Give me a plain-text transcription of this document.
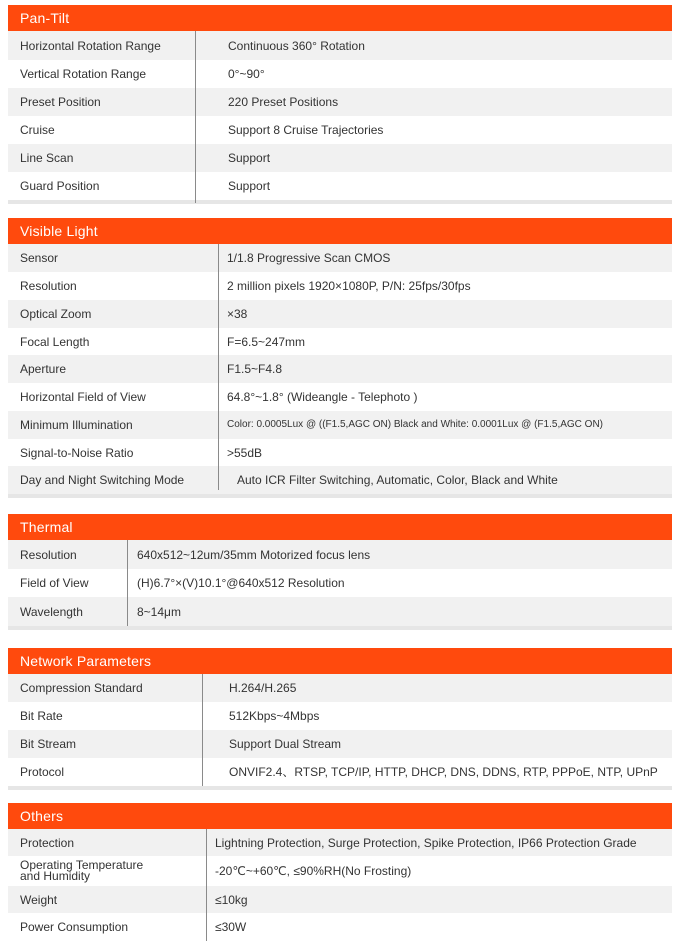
Pan-Tilt
Horizontal Rotation Range	Continuous 360° Rotation
Vertical Rotation Range	0°~90°
Preset Position	220 Preset Positions
Cruise	Support 8 Cruise Trajectories
Line Scan	Support
Guard Position	Support
Visible Light
Sensor	1/1.8 Progressive Scan CMOS
Resolution	2 million pixels 1920×1080P, P/N: 25fps/30fps
Optical Zoom	×38
Focal Length	F=6.5~247mm
Aperture	F1.5~F4.8
Horizontal Field of View	64.8°~1.8° (Wideangle - Telephoto )
Minimum Illumination	Color: 0.0005Lux @ ((F1.5,AGC ON) Black and White: 0.0001Lux @ (F1.5,AGC ON)
Signal-to-Noise Ratio	>55dB
Day and Night Switching Mode	Auto ICR Filter Switching, Automatic, Color, Black and White
Thermal
Resolution	640x512~12um/35mm Motorized focus lens
Field of View	(H)6.7°×(V)10.1°@640x512 Resolution
Wavelength	8~14μm
Network Parameters
Compression Standard	H.264/H.265
Bit Rate	512Kbps~4Mbps
Bit Stream	Support Dual Stream
Protocol	ONVIF2.4、RTSP, TCP/IP, HTTP, DHCP, DNS, DDNS, RTP, PPPoE, NTP, UPnP
Others
Protection	Lightning Protection, Surge Protection, Spike Protection, IP66 Protection Grade
Operating Temperature
and Humidity	-20℃~+60℃, ≤90%RH(No Frosting)
Weight	≤10kg
Power Consumption	≤30W
